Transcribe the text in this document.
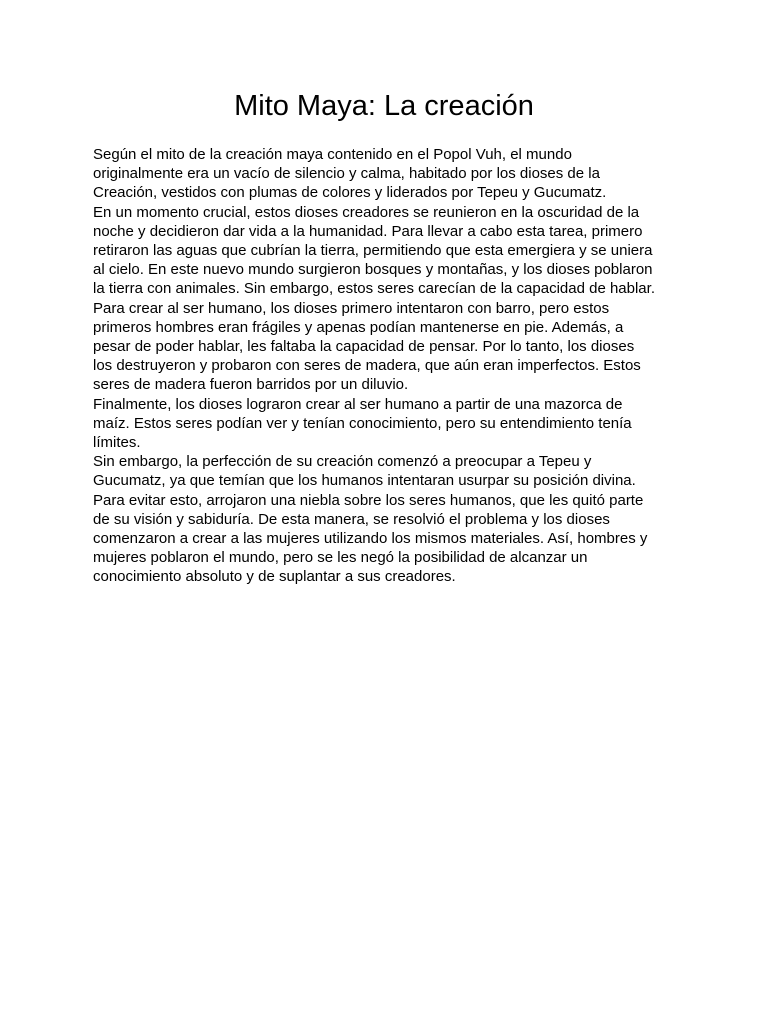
Mito Maya: La creación
Según el mito de la creación maya contenido en el Popol Vuh, el mundo
originalmente era un vacío de silencio y calma, habitado por los dioses de la
Creación, vestidos con plumas de colores y liderados por Tepeu y Gucumatz.
En un momento crucial, estos dioses creadores se reunieron en la oscuridad de la
noche y decidieron dar vida a la humanidad. Para llevar a cabo esta tarea, primero
retiraron las aguas que cubrían la tierra, permitiendo que esta emergiera y se uniera
al cielo. En este nuevo mundo surgieron bosques y montañas, y los dioses poblaron
la tierra con animales. Sin embargo, estos seres carecían de la capacidad de hablar.
Para crear al ser humano, los dioses primero intentaron con barro, pero estos
primeros hombres eran frágiles y apenas podían mantenerse en pie. Además, a
pesar de poder hablar, les faltaba la capacidad de pensar. Por lo tanto, los dioses
los destruyeron y probaron con seres de madera, que aún eran imperfectos. Estos
seres de madera fueron barridos por un diluvio.
Finalmente, los dioses lograron crear al ser humano a partir de una mazorca de
maíz. Estos seres podían ver y tenían conocimiento, pero su entendimiento tenía
límites.
Sin embargo, la perfección de su creación comenzó a preocupar a Tepeu y
Gucumatz, ya que temían que los humanos intentaran usurpar su posición divina.
Para evitar esto, arrojaron una niebla sobre los seres humanos, que les quitó parte
de su visión y sabiduría. De esta manera, se resolvió el problema y los dioses
comenzaron a crear a las mujeres utilizando los mismos materiales. Así, hombres y
mujeres poblaron el mundo, pero se les negó la posibilidad de alcanzar un
conocimiento absoluto y de suplantar a sus creadores.
